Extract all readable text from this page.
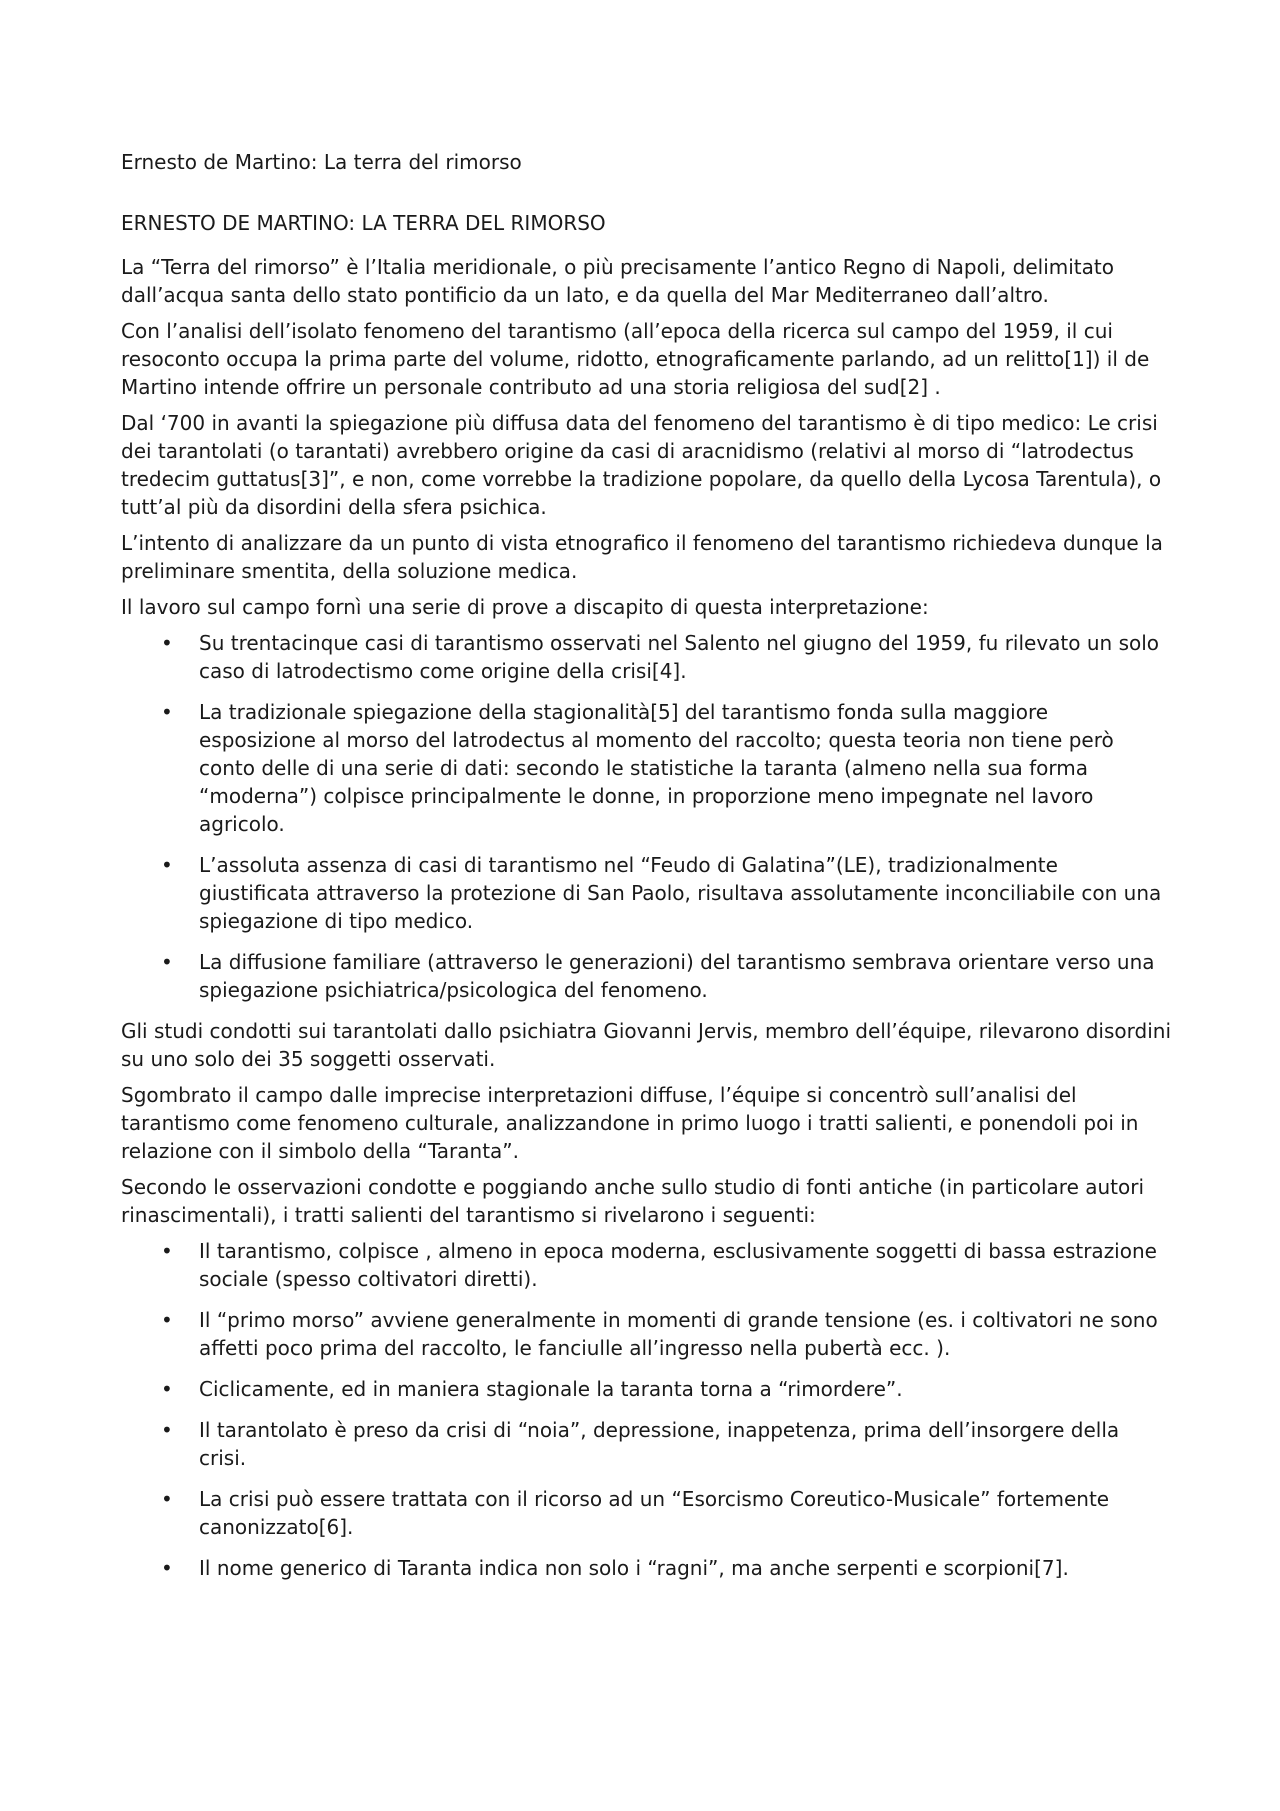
Ernesto de Martino: La terra del rimorso
ERNESTO DE MARTINO: LA TERRA DEL RIMORSO

La “Terra del rimorso” è l’Italia meridionale, o più precisamente l’antico Regno di Napoli, delimitato dall’acqua santa dello stato pontificio da un lato, e da quella del Mar Mediterraneo dall’altro.

Con l’analisi dell’isolato fenomeno del tarantismo (all’epoca della ricerca sul campo del 1959, il cui resoconto occupa la prima parte del volume, ridotto, etnograficamente parlando, ad un relitto[1]) il de Martino intende offrire un personale contributo ad una storia religiosa del sud[2] .

Dal ‘700 in avanti la spiegazione più diffusa data del fenomeno del tarantismo è di tipo medico: Le crisi dei tarantolati (o tarantati) avrebbero origine da casi di aracnidismo (relativi al morso di “latrodectus tredecim guttatus[3]”, e non, come vorrebbe la tradizione popolare, da quello della Lycosa Tarentula), o tutt’al più da disordini della sfera psichica.

L’intento di analizzare da un punto di vista etnografico il fenomeno del tarantismo richiedeva dunque la preliminare smentita, della soluzione medica.

Il lavoro sul campo fornì una serie di prove a discapito di questa interpretazione:

• Su trentacinque casi di tarantismo osservati nel Salento nel giugno del 1959, fu rilevato un solo caso di latrodectismo come origine della crisi[4].
• La tradizionale spiegazione della stagionalità[5] del tarantismo fonda sulla maggiore esposizione al morso del latrodectus al momento del raccolto; questa teoria non tiene però conto delle di una serie di dati: secondo le statistiche la taranta (almeno nella sua forma “moderna”) colpisce principalmente le donne, in proporzione meno impegnate nel lavoro agricolo.
• L’assoluta assenza di casi di tarantismo nel “Feudo di Galatina”(LE), tradizionalmente giustificata attraverso la protezione di San Paolo, risultava assolutamente inconciliabile con una spiegazione di tipo medico.
• La diffusione familiare (attraverso le generazioni) del tarantismo sembrava orientare verso una spiegazione psichiatrica/psicologica del fenomeno.

Gli studi condotti sui tarantolati dallo psichiatra Giovanni Jervis, membro dell’équipe, rilevarono disordini su uno solo dei 35 soggetti osservati.

Sgombrato il campo dalle imprecise interpretazioni diffuse, l’équipe si concentrò sull’analisi del tarantismo come fenomeno culturale, analizzandone in primo luogo i tratti salienti, e ponendoli poi in relazione con il simbolo della “Taranta”.

Secondo le osservazioni condotte e poggiando anche sullo studio di fonti antiche (in particolare autori rinascimentali), i tratti salienti del tarantismo si rivelarono i seguenti:

• Il tarantismo, colpisce , almeno in epoca moderna, esclusivamente soggetti di bassa estrazione sociale (spesso coltivatori diretti).
• Il “primo morso” avviene generalmente in momenti di grande tensione (es. i coltivatori ne sono affetti poco prima del raccolto, le fanciulle all’ingresso nella pubertà ecc. ).
• Ciclicamente, ed in maniera stagionale la taranta torna a “rimordere”.
• Il tarantolato è preso da crisi di “noia”, depressione, inappetenza, prima dell’insorgere della crisi.
• La crisi può essere trattata con il ricorso ad un “Esorcismo Coreutico-Musicale” fortemente canonizzato[6].
• Il nome generico di Taranta indica non solo i “ragni”, ma anche serpenti e scorpioni[7].
